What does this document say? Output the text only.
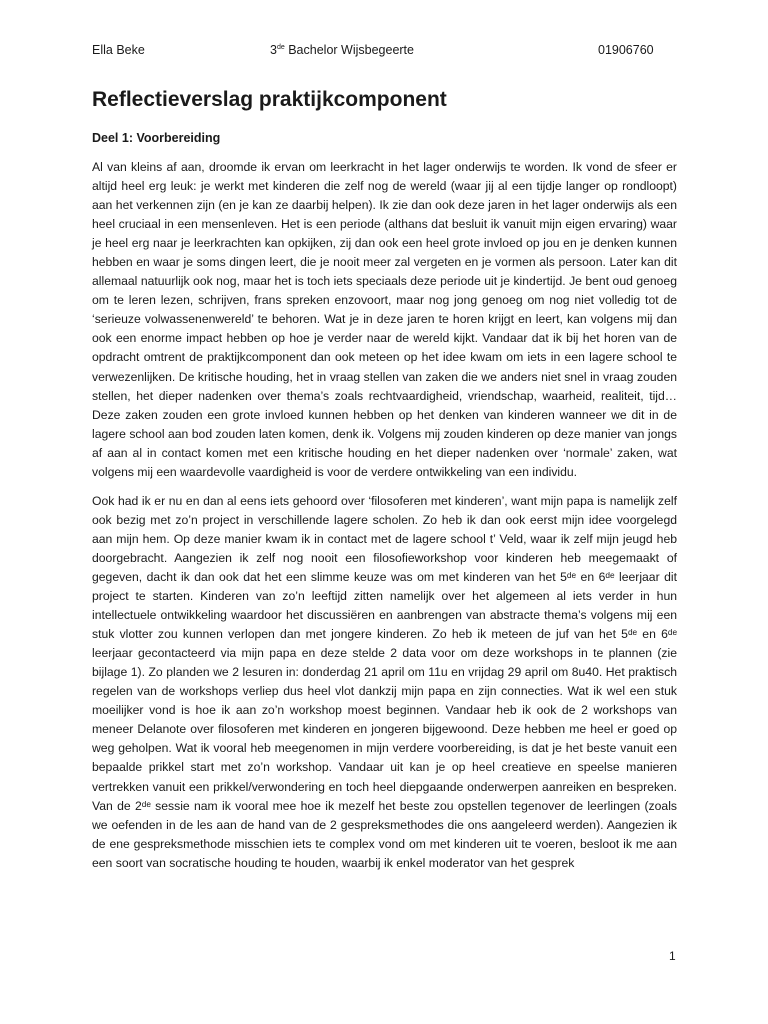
Ella Beke	3de Bachelor Wijsbegeerte	01906760
Reflectieverslag praktijkcomponent
Deel 1: Voorbereiding

Al van kleins af aan, droomde ik ervan om leerkracht in het lager onderwijs te worden. Ik vond de sfeer er altijd heel erg leuk: je werkt met kinderen die zelf nog de wereld (waar jij al een tijdje langer op rondloopt) aan het verkennen zijn (en je kan ze daarbij helpen). Ik zie dan ook deze jaren in het lager onderwijs als een heel cruciaal in een mensenleven. Het is een periode (althans dat besluit ik vanuit mijn eigen ervaring) waar je heel erg naar je leerkrachten kan opkijken, zij dan ook een heel grote invloed op jou en je denken kunnen hebben en waar je soms dingen leert, die je nooit meer zal vergeten en je vormen als persoon. Later kan dit allemaal natuurlijk ook nog, maar het is toch iets speciaals deze periode uit je kindertijd. Je bent oud genoeg om te leren lezen, schrijven, frans spreken enzovoort, maar nog jong genoeg om nog niet volledig tot de ‘serieuze volwassenenwereld’ te behoren. Wat je in deze jaren te horen krijgt en leert, kan volgens mij dan ook een enorme impact hebben op hoe je verder naar de wereld kijkt. Vandaar dat ik bij het horen van de opdracht omtrent de praktijkcomponent dan ook meteen op het idee kwam om iets in een lagere school te verwezenlijken. De kritische houding, het in vraag stellen van zaken die we anders niet snel in vraag zouden stellen, het dieper nadenken over thema’s zoals rechtvaardigheid, vriendschap, waarheid, realiteit, tijd… Deze zaken zouden een grote invloed kunnen hebben op het denken van kinderen wanneer we dit in de lagere school aan bod zouden laten komen, denk ik. Volgens mij zouden kinderen op deze manier van jongs af aan al in contact komen met een kritische houding en het dieper nadenken over ‘normale’ zaken, wat volgens mij een waardevolle vaardigheid is voor de verdere ontwikkeling van een individu.

Ook had ik er nu en dan al eens iets gehoord over ‘filosoferen met kinderen’, want mijn papa is namelijk zelf ook bezig met zo’n project in verschillende lagere scholen. Zo heb ik dan ook eerst mijn idee voorgelegd aan mijn hem. Op deze manier kwam ik in contact met de lagere school t’ Veld, waar ik zelf mijn jeugd heb doorgebracht. Aangezien ik zelf nog nooit een filosofieworkshop voor kinderen heb meegemaakt of gegeven, dacht ik dan ook dat het een slimme keuze was om met kinderen van het 5ᵈᵉ en 6ᵈᵉ leerjaar dit project te starten. Kinderen van zo’n leeftijd zitten namelijk over het algemeen al iets verder in hun intellectuele ontwikkeling waardoor het discussiëren en aanbrengen van abstracte thema’s volgens mij een stuk vlotter zou kunnen verlopen dan met jongere kinderen. Zo heb ik meteen de juf van het 5ᵈᵉ en 6ᵈᵉ leerjaar gecontacteerd via mijn papa en deze stelde 2 data voor om deze workshops in te plannen (zie bijlage 1). Zo planden we 2 lesuren in: donderdag 21 april om 11u en vrijdag 29 april om 8u40. Het praktisch regelen van de workshops verliep dus heel vlot dankzij mijn papa en zijn connecties. Wat ik wel een stuk moeilijker vond is hoe ik aan zo’n workshop moest beginnen. Vandaar heb ik ook de 2 workshops van meneer Delanote over filosoferen met kinderen en jongeren bijgewoond. Deze hebben me heel er goed op weg geholpen. Wat ik vooral heb meegenomen in mijn verdere voorbereiding, is dat je het beste vanuit een bepaalde prikkel start met zo’n workshop. Vandaar uit kan je op heel creatieve en speelse manieren vertrekken vanuit een prikkel/verwondering en toch heel diepgaande onderwerpen aanreiken en bespreken. Van de 2ᵈᵉ sessie nam ik vooral mee hoe ik mezelf het beste zou opstellen tegenover de leerlingen (zoals we oefenden in de les aan de hand van de 2 gespreksmethodes die ons aangeleerd werden). Aangezien ik de ene gespreksmethode misschien iets te complex vond om met kinderen uit te voeren, besloot ik me aan een soort van socratische houding te houden, waarbij ik enkel moderator van het gesprek

1
